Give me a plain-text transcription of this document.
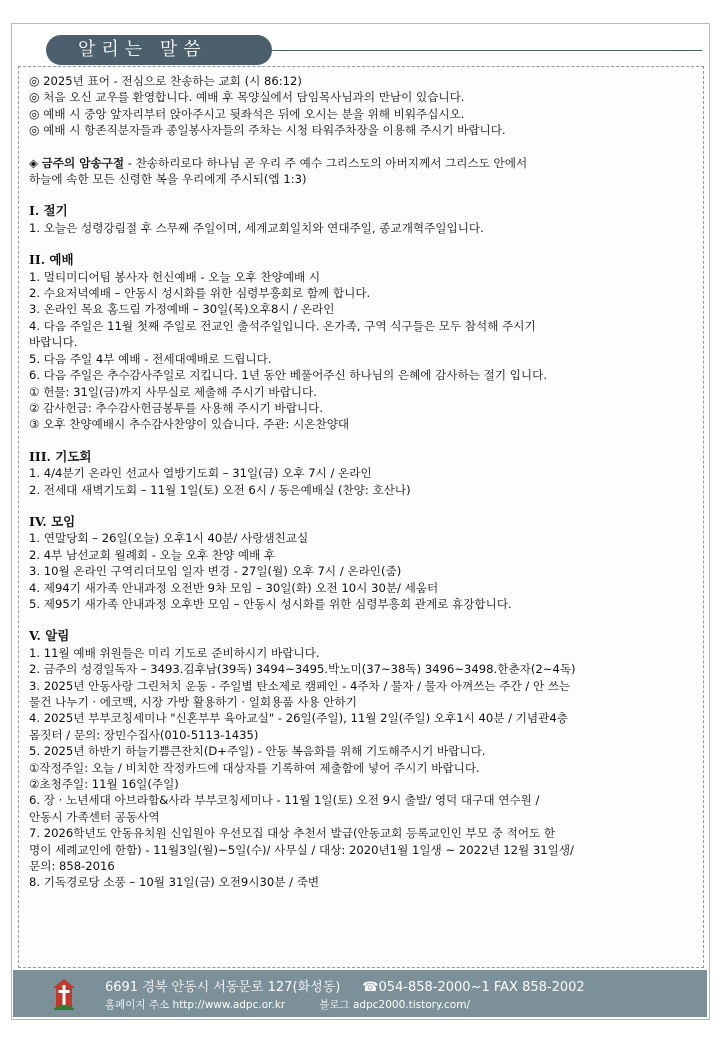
알리는 말씀

◎ 2025년 표어 - 전심으로 찬송하는 교회 (시 86:12)

◎ 처음 오신 교우를 환영합니다. 예배 후 목양실에서 담임목사님과의 만남이 있습니다.

◎ 예배 시 중앙 앞자리부터 앉아주시고 뒷좌석은 뒤에 오시는 분을 위해 비워주십시오.

◎ 예배 시 항존직분자들과 종일봉사자들의 주차는 시청 타워주차장을 이용해 주시기 바랍니다.

◈ 금주의 암송구절 - 찬송하리로다 하나님 곧 우리 주 예수 그리스도의 아버지께서 그리스도 안에서

하늘에 속한 모든 신령한 복을 우리에게 주시되(엡 1:3)

I. 절기

1. 오늘은 성령강림절 후 스무째 주일이며, 세계교회일치와 연대주일, 종교개혁주일입니다.

II. 예배

1. 멀티미디어팀 봉사자 헌신예배 - 오늘 오후 찬양예배 시

2. 수요저녁예배 – 안동시 성시화를 위한 심령부흥회로 함께 합니다.

3. 온라인 목요 홈드림 가정예배 – 30일(목)오후8시 / 온라인

4. 다음 주일은 11월 첫째 주일로 전교인 출석주일입니다. 온가족, 구역 식구들은 모두 참석해 주시기

바랍니다.

5. 다음 주일 4부 예배 - 전세대예배로 드립니다.

6. 다음 주일은 추수감사주일로 지킵니다. 1년 동안 베풀어주신 하나님의 은혜에 감사하는 절기 입니다.

① 헌물: 31일(금)까지 사무실로 제출해 주시기 바랍니다.

② 감사헌금: 추수감사헌금봉투를 사용해 주시기 바랍니다.

③ 오후 찬양예배시 추수감사찬양이 있습니다. 주관: 시온찬양대

III. 기도회

1. 4/4분기 온라인 선교사 열방기도회 – 31일(금) 오후 7시 / 온라인

2. 전세대 새벽기도회 – 11월 1일(토) 오전 6시 / 동은예배실 (찬양: 호산나)

IV. 모임

1. 연말당회 – 26일(오늘) 오후1시 40분/ 사랑샘친교실

2. 4부 남선교회 월례회 - 오늘 오후 찬양 예배 후

3. 10월 온라인 구역리더모임 일자 변경 - 27일(월) 오후 7시 / 온라인(줌)

4. 제94기 새가족 안내과정 오전반 9차 모임 – 30일(화) 오전 10시 30분/ 세움터

5. 제95기 새가족 안내과정 오후반 모임 – 안동시 성시화를 위한 심령부흥회 관계로 휴강합니다.

V. 알림

1. 11월 예배 위원들은 미리 기도로 준비하시기 바랍니다.

2. 금주의 성경일독자 – 3493.김후남(39독) 3494~3495.박노미(37~38독) 3496~3498.한춘자(2~4독)

3. 2025년 안동사랑 그린처치 운동 - 주일별 탄소제로 캠페인 - 4주차 / 물자 / 물자 아껴쓰는 주간 / 안 쓰는

물건 나누기 · 에코백, 시장 가방 활용하기 · 일회용품 사용 안하기

4. 2025년 부부코칭세미나 "신혼부부 육아교실" - 26일(주일), 11월 2일(주일) 오후1시 40분 / 기념관4층

몸짓터 / 문의: 장민수집사(010-5113-1435)

5. 2025년 하반기 하늘기쁨큰잔치(D+주일) - 안동 복음화를 위해 기도해주시기 바랍니다.

①작정주일: 오늘 / 비치한 작정카드에 대상자를 기록하여 제출함에 넣어 주시기 바랍니다.

②초청주일: 11월 16일(주일)

6. 장 · 노년세대 아브라함&사라 부부코칭세미나 - 11월 1일(토) 오전 9시 출발/ 영덕 대구대 연수원 /

안동시 가족센터 공동사역

7. 2026학년도 안동유치원 신입원아 우선모집 대상 추천서 발급(안동교회 등록교인인 부모 중 적어도 한

명이 세례교인에 한함) - 11월3일(월)~5일(수)/ 사무실 / 대상: 2020년1월 1일생 ~ 2022년 12월 31일생/

문의: 858-2016

8. 기독경로당 소풍 – 10월 31일(금) 오전9시30분 / 죽변

6691 경북 안동시 서동문로 127(화성동) ☎054-858-2000~1 FAX 858-2002
홈페이지 주소 http://www.adpc.or.kr	블로그 adpc2000.tistory.com/
